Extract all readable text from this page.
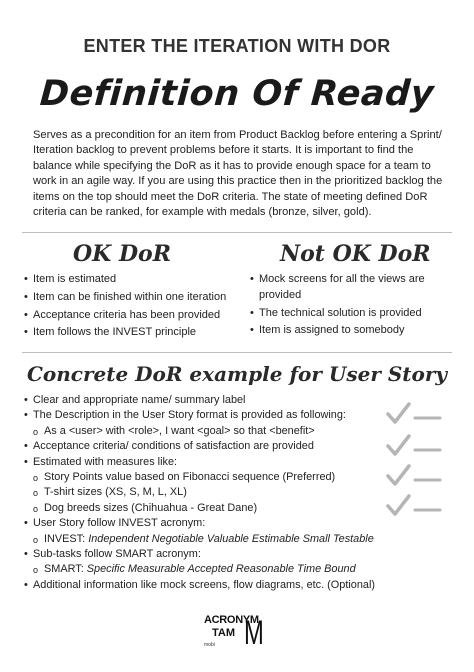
ENTER THE ITERATION WITH DOR
Definition Of Ready

Serves as a precondition for an item from Product Backlog before entering a Sprint/ Iteration backlog to prevent problems before it starts. It is important to find the balance while specifying the DoR as it has to provide enough space for a team to work in an agile way. If you are using this practice then in the prioritized backlog the items on the top should meet the DoR criteria. The state of meeting defined DoR criteria can be ranked, for example with medals (bronze, silver, gold).

OK DoR	Not OK DoR
• Item is estimated
• Item can be finished within one iteration
• Acceptance criteria has been provided
• Item follows the INVEST principle
• Mock screens for all the views are provided
• The technical solution is provided
• Item is assigned to somebody
Concrete DoR example for User Story
• Clear and appropriate name/ summary label
• The Description in the User Story format is provided as following:
o As a <user> with <role>, I want <goal> so that <benefit>
• Acceptance criteria/ conditions of satisfaction are provided
• Estimated with measures like:
o Story Points value based on Fibonacci sequence (Preferred)
o T-shirt sizes (XS, S, M, L, XL)
o Dog breeds sizes (Chihuahua - Great Dane)
• User Story follow INVEST acronym:
o INVEST: Independent Negotiable Valuable Estimable Small Testable
• Sub-tasks follow SMART acronym:
o SMART: Specific Measurable Accepted Reasonable Time Bound
• Additional information like mock screens, flow diagrams, etc. (Optional)
ACRONYM
TAM
mobi M
